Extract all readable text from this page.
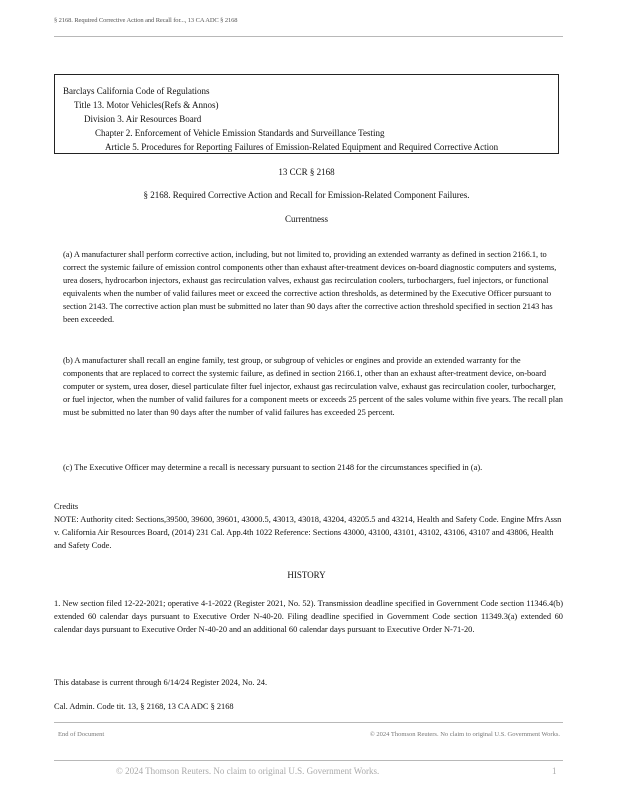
§ 2168. Required Corrective Action and Recall for..., 13 CA ADC § 2168
Barclays California Code of Regulations
Title 13. Motor Vehicles(Refs & Annos)
Division 3. Air Resources Board
Chapter 2. Enforcement of Vehicle Emission Standards and Surveillance Testing
Article 5. Procedures for Reporting Failures of Emission-Related Equipment and Required Corrective Action
13 CCR § 2168
§ 2168. Required Corrective Action and Recall for Emission-Related Component Failures.
Currentness
(a) A manufacturer shall perform corrective action, including, but not limited to, providing an extended warranty as defined in section 2166.1, to correct the systemic failure of emission control components other than exhaust after-treatment devices on-board diagnostic computers and systems, urea dosers, hydrocarbon injectors, exhaust gas recirculation valves, exhaust gas recirculation coolers, turbochargers, fuel injectors, or functional equivalents when the number of valid failures meet or exceed the corrective action thresholds, as determined by the Executive Officer pursuant to section 2143. The corrective action plan must be submitted no later than 90 days after the corrective action threshold specified in section 2143 has been exceeded.
(b) A manufacturer shall recall an engine family, test group, or subgroup of vehicles or engines and provide an extended warranty for the components that are replaced to correct the systemic failure, as defined in section 2166.1, other than an exhaust after-treatment device, on-board computer or system, urea doser, diesel particulate filter fuel injector, exhaust gas recirculation valve, exhaust gas recirculation cooler, turbocharger, or fuel injector, when the number of valid failures for a component meets or exceeds 25 percent of the sales volume within five years. The recall plan must be submitted no later than 90 days after the number of valid failures has exceeded 25 percent.
(c) The Executive Officer may determine a recall is necessary pursuant to section 2148 for the circumstances specified in (a).
Credits
NOTE: Authority cited: Sections,39500, 39600, 39601, 43000.5, 43013, 43018, 43204, 43205.5 and 43214, Health and Safety Code. Engine Mfrs Assn v. California Air Resources Board, (2014) 231 Cal. App.4th 1022 Reference: Sections 43000, 43100, 43101, 43102, 43106, 43107 and 43806, Health and Safety Code.
HISTORY
1. New section filed 12-22-2021; operative 4-1-2022 (Register 2021, No. 52). Transmission deadline specified in Government Code section 11346.4(b) extended 60 calendar days pursuant to Executive Order N-40-20. Filing deadline specified in Government Code section 11349.3(a) extended 60 calendar days pursuant to Executive Order N-40-20 and an additional 60 calendar days pursuant to Executive Order N-71-20.
This database is current through 6/14/24 Register 2024, No. 24.
Cal. Admin. Code tit. 13, § 2168, 13 CA ADC § 2168
End of Document	© 2024 Thomson Reuters. No claim to original U.S. Government Works.
© 2024 Thomson Reuters. No claim to original U.S. Government Works.	1
